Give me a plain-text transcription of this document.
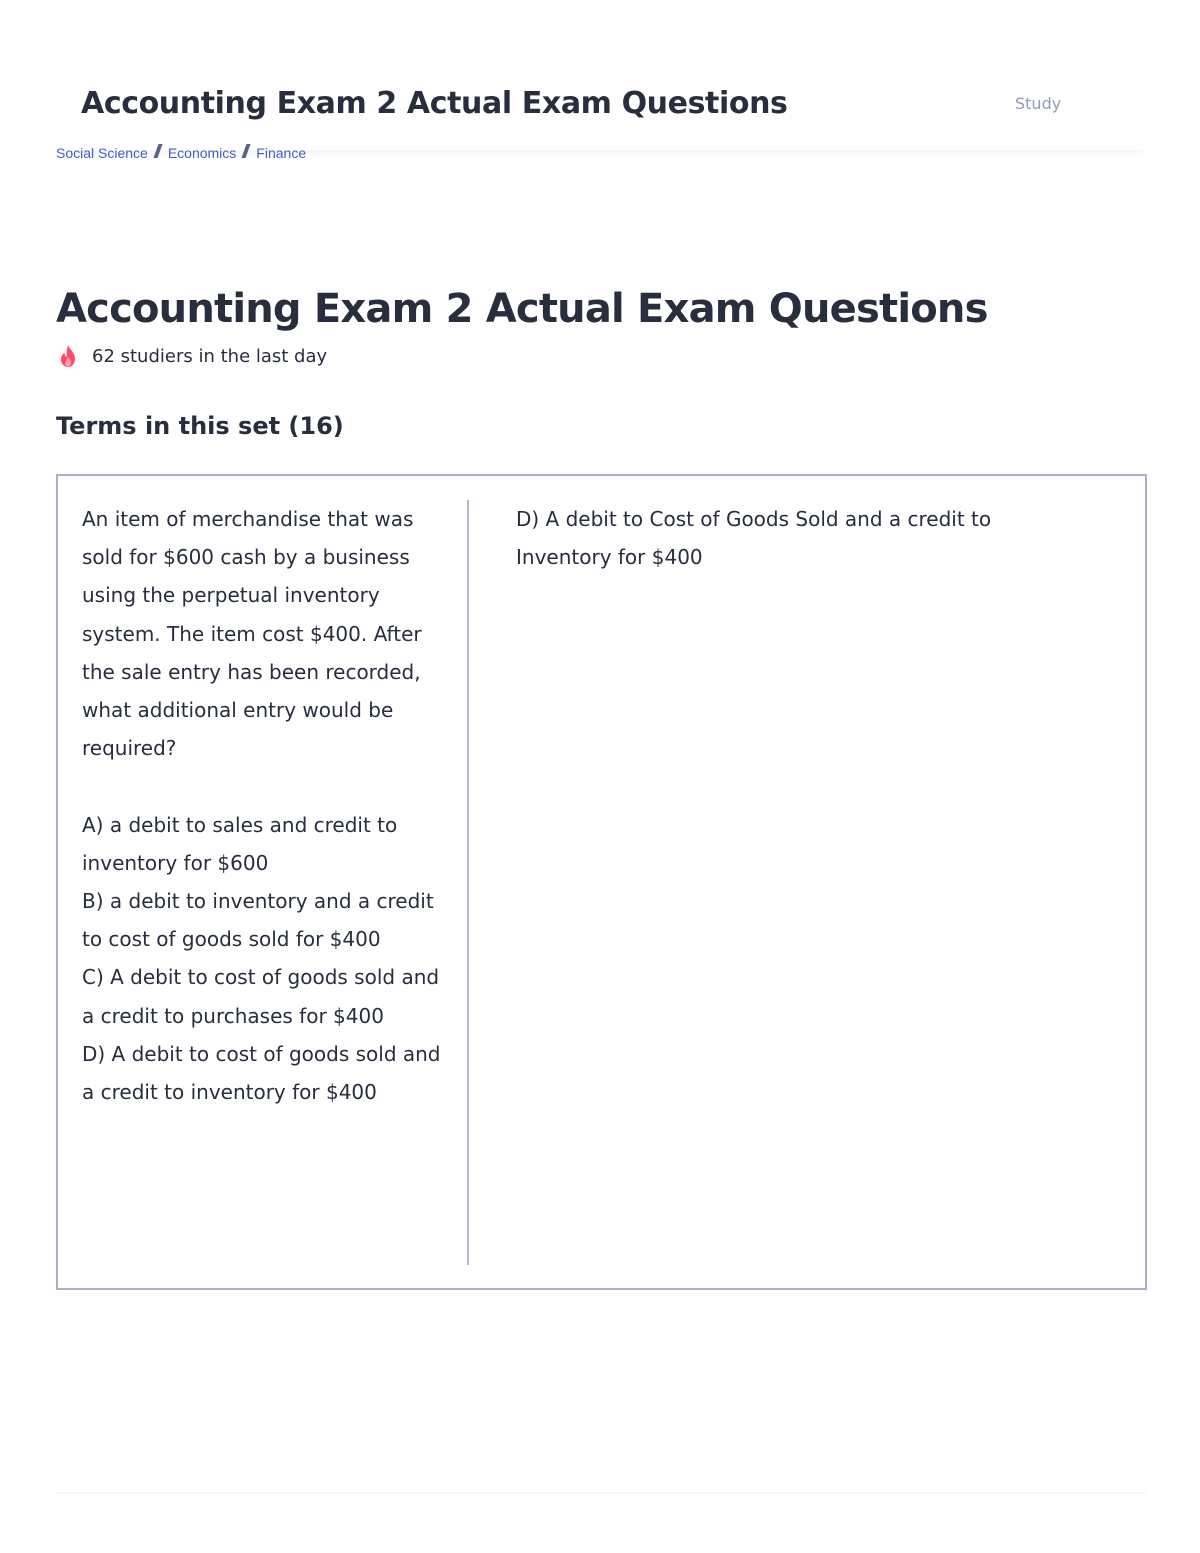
Accounting Exam 2 Actual Exam Questions	Study
Social Science Economics Finance
Accounting Exam 2 Actual Exam Questions
62 studiers in the last day
Terms in this set (16)

An item of merchandise that was sold for $600 cash by a business using the perpetual inventory system. The item cost $400. After the sale entry has been recorded, what additional entry would be required?

A) a debit to sales and credit to inventory for $600
B) a debit to inventory and a credit to cost of goods sold for $400
C) A debit to cost of goods sold and a credit to purchases for $400
D) A debit to cost of goods sold and a credit to inventory for $400

D) A debit to Cost of Goods Sold and a credit to Inventory for $400
